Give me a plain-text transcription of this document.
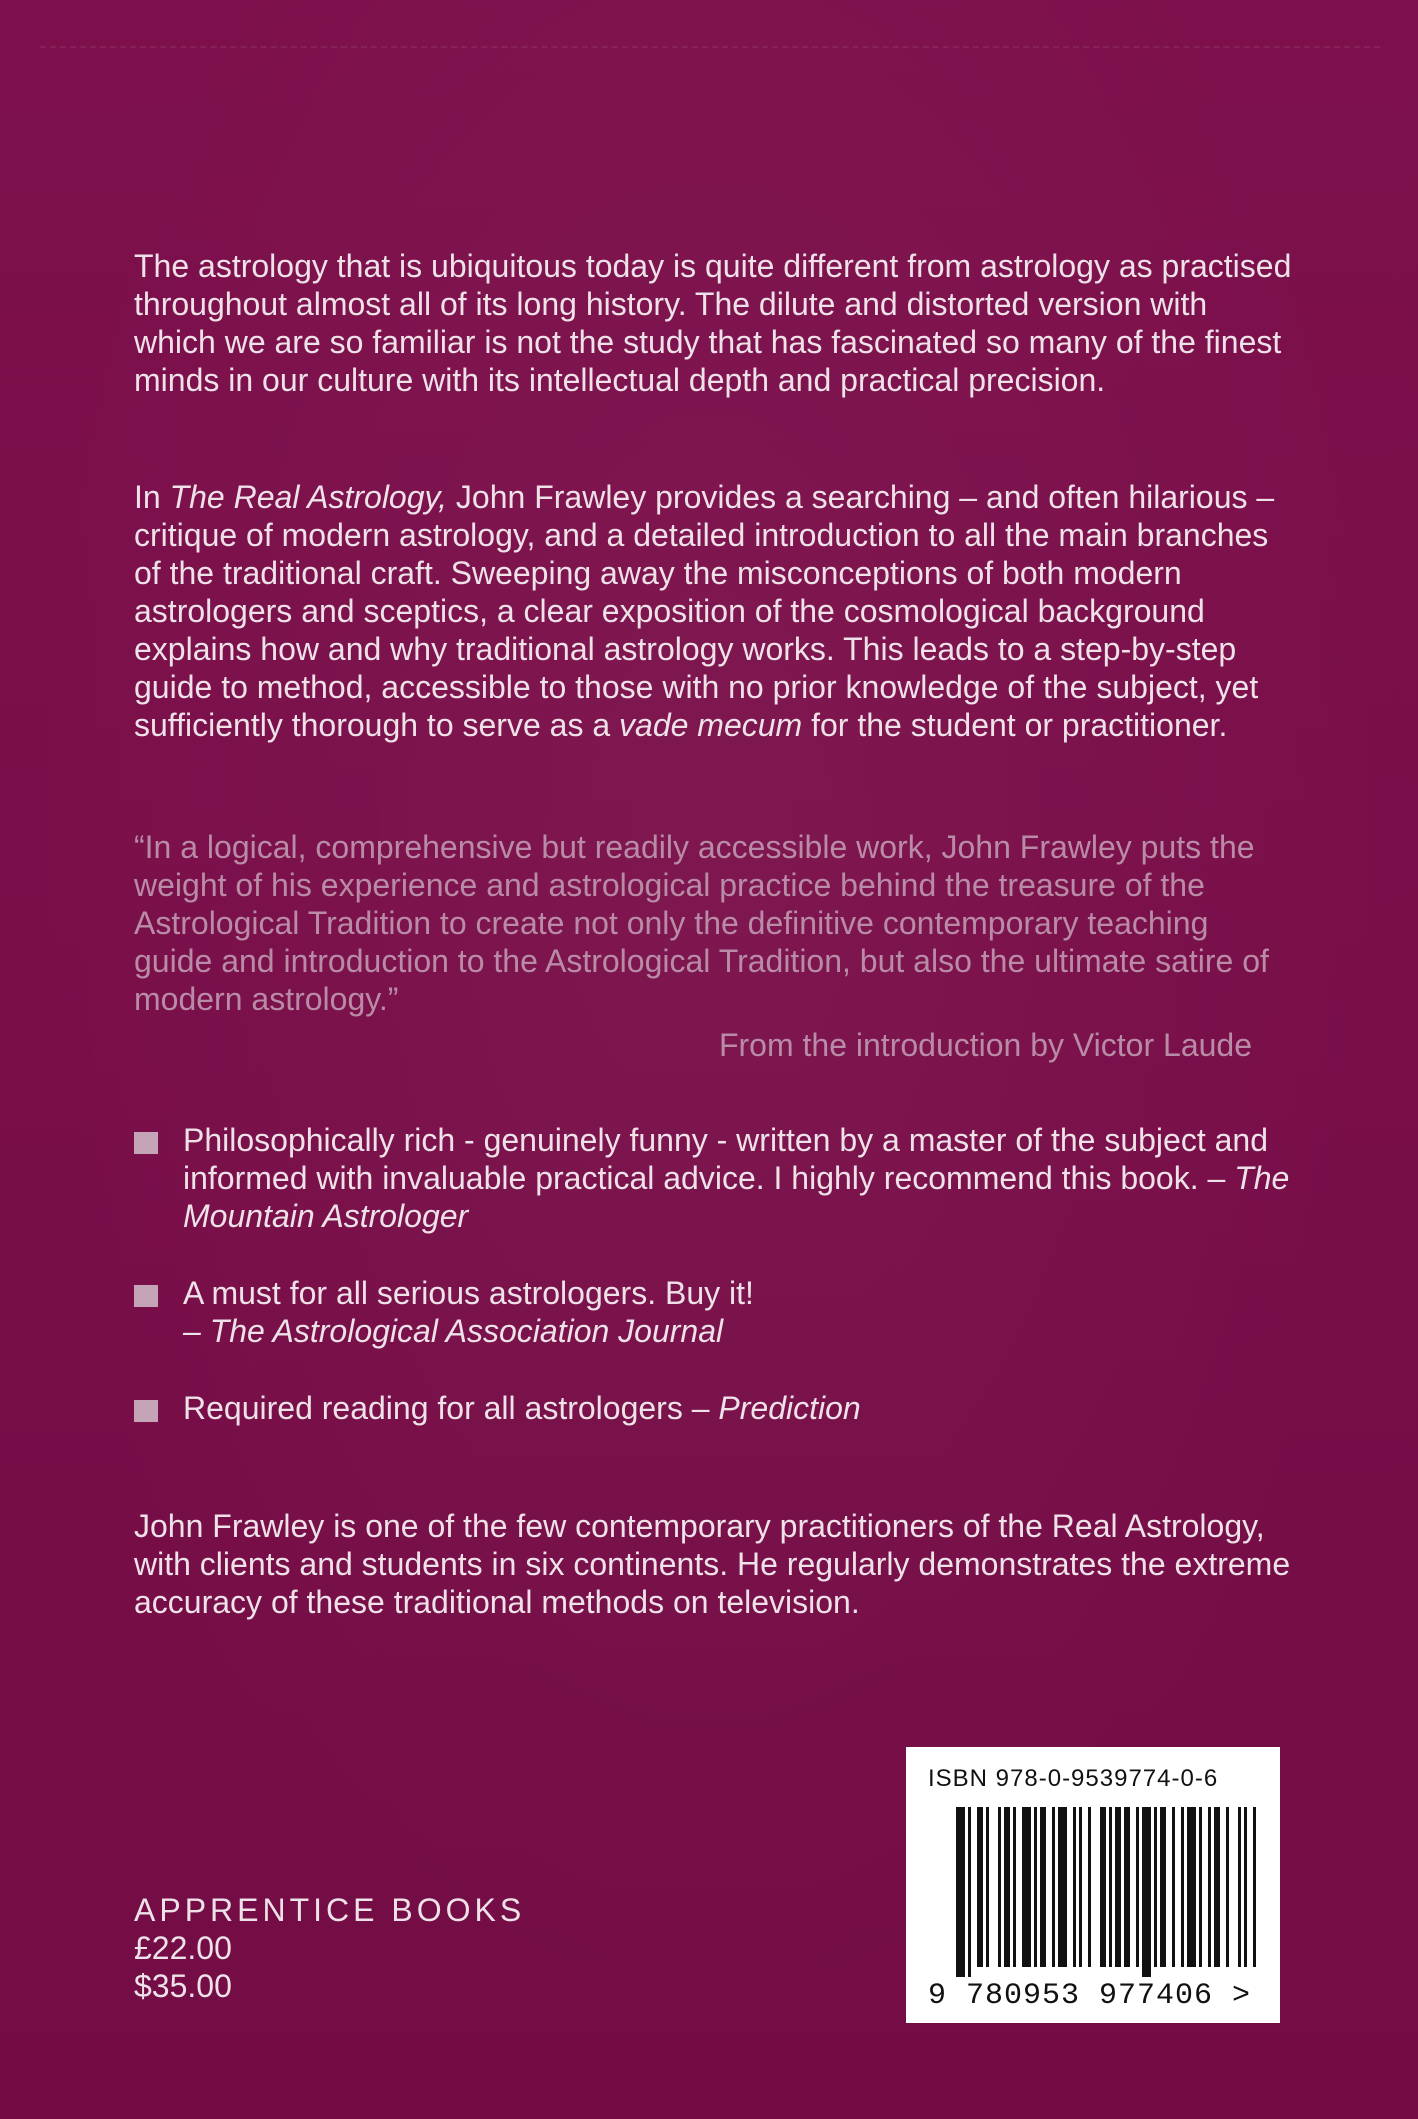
The astrology that is ubiquitous today is quite different from astrology as practised throughout almost all of its long history. The dilute and distorted version with which we are so familiar is not the study that has fascinated so many of the finest minds in our culture with its intellectual depth and practical precision.

In The Real Astrology, John Frawley provides a searching – and often hilarious – critique of modern astrology, and a detailed introduction to all the main branches of the traditional craft. Sweeping away the misconceptions of both modern astrologers and sceptics, a clear exposition of the cosmological background explains how and why traditional astrology works. This leads to a step-by-step guide to method, accessible to those with no prior knowledge of the subject, yet sufficiently thorough to serve as a vade mecum for the student or practitioner.

“In a logical, comprehensive but readily accessible work, John Frawley puts the weight of his experience and astrological practice behind the treasure of the Astrological Tradition to create not only the definitive contemporary teaching guide and introduction to the Astrological Tradition, but also the ultimate satire of modern astrology.”
From the introduction by Victor Laude
Philosophically rich - genuinely funny - written by a master of the subject and informed with invaluable practical advice. I highly recommend this book. – The Mountain Astrologer
A must for all serious astrologers. Buy it!
– The Astrological Association Journal
Required reading for all astrologers – Prediction

John Frawley is one of the few contemporary practitioners of the Real Astrology, with clients and students in six continents. He regularly demonstrates the extreme accuracy of these traditional methods on television.

APPRENTICE BOOKS
£22.00
$35.00
ISBN 978-0-9539774-0-6
9 780953 977406 >
